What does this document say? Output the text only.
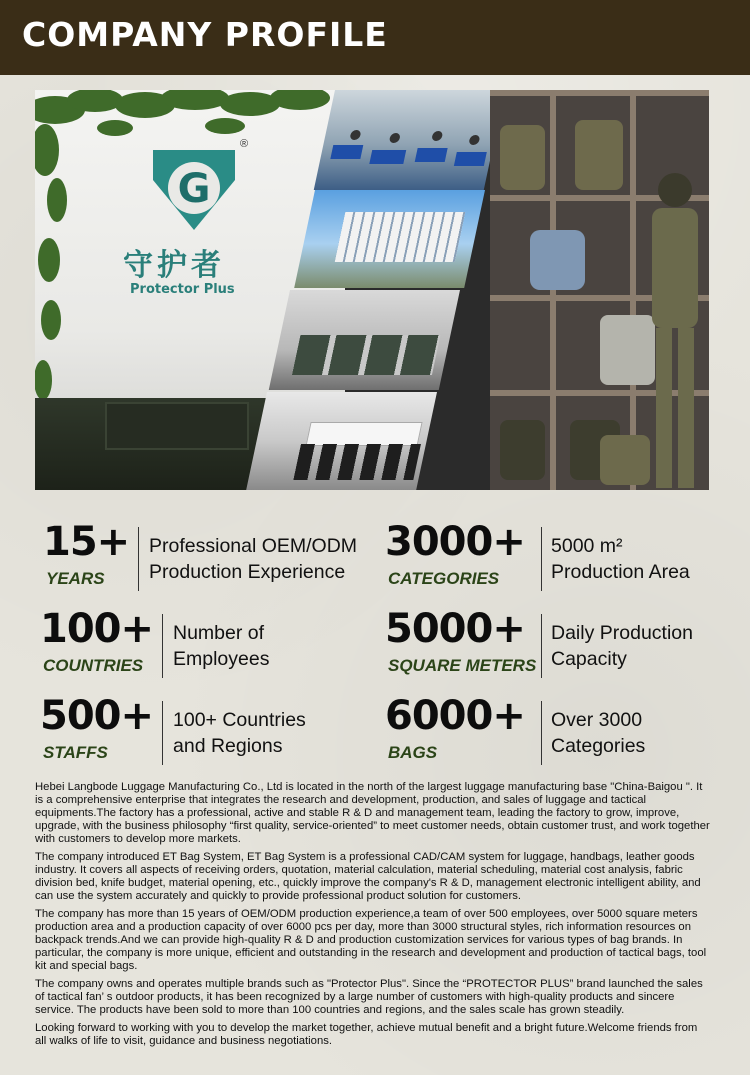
COMPANY PROFILE
G
®
守护者
Protector Plus
15+
YEARS
Professional OEM/ODM
Production Experience
3000+
CATEGORIES
5000 m²
Production Area
100+
COUNTRIES
Number of
Employees
5000+
SQUARE METERS
Daily Production
Capacity
500+
STAFFS
100+ Countries
and Regions
6000+
BAGS
Over 3000
Categories

Hebei Langbode Luggage Manufacturing Co., Ltd is located in the north of the largest luggage manufacturing base "China-Baigou ". It is a comprehensive enterprise that integrates the research and development, production, and sales of luggage and tactical equipments.The factory has a professional, active and stable R & D and management team, leading the factory to grow, improve, upgrade, with the business philosophy “first quality, service-oriented” to meet customer needs, obtain customer trust, and work together with customers to develop more markets.

The company introduced ET Bag System, ET Bag System is a professional CAD/CAM system for luggage, handbags, leather goods industry. It covers all aspects of receiving orders, quotation, material calculation, material scheduling, material cost analysis, fabric division bed, knife budget, material opening, etc., quickly improve the company's R & D, management electronic intelligent ability, and can use the system accurately and quickly to provide professional product solution for customers.

The company has more than 15 years of OEM/ODM production experience,a team of over 500 employees, over 5000 square meters production area and a production capacity of over 6000 pcs per day, more than 3000 structural styles, rich information resources on backpack trends.And we can provide high-quality R & D and production customization services for various types of bag brands. In particular, the company is more unique, efficient and outstanding in the research and development and production of tactical bags, tool kit and special bags.

The company owns and operates multiple brands such as "Protector Plus". Since the “PROTECTOR PLUS” brand launched the sales of tactical fan’ s outdoor products, it has been recognized by a large number of customers with high-quality products and sincere service. The products have been sold to more than 100 countries and regions, and the sales scale has grown steadily.

Looking forward to working with you to develop the market together, achieve mutual benefit and a bright future.Welcome friends from all walks of life to visit, guidance and business negotiations.
